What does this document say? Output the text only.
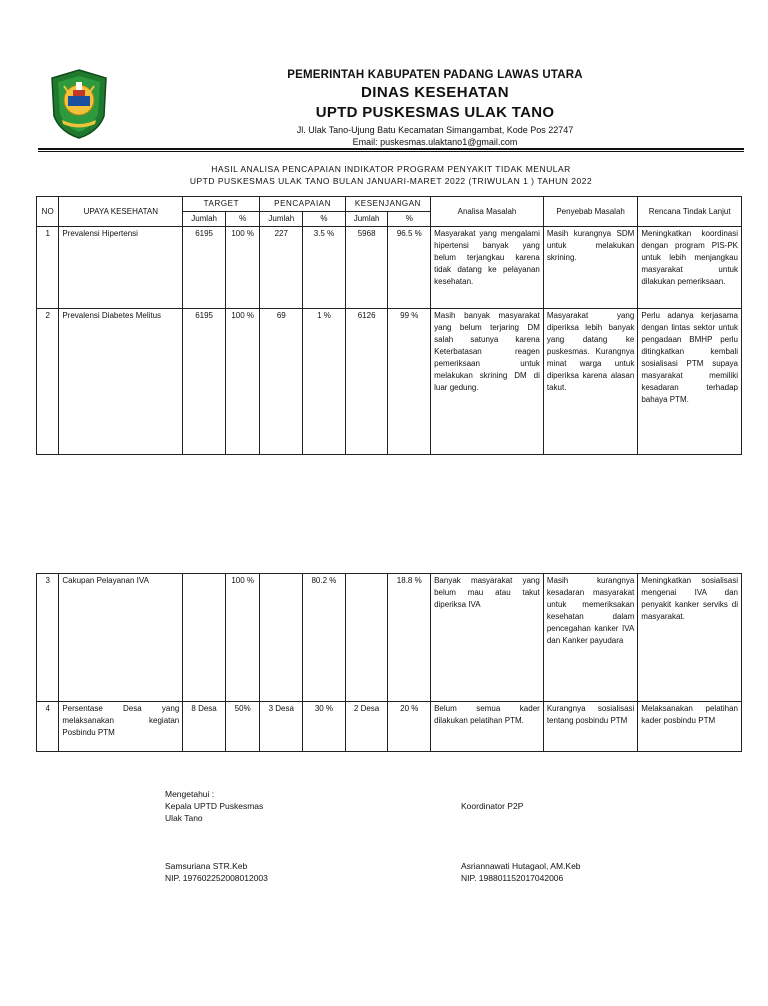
PEMERINTAH KABUPATEN PADANG LAWAS UTARA
DINAS KESEHATAN
UPTD PUSKESMAS ULAK TANO
Jl. Ulak Tano-Ujung Batu Kecamatan Simangambat, Kode Pos 22747
Email: puskesmas.ulaktano1@gmail.com
HASIL ANALISA PENCAPAIAN INDIKATOR PROGRAM PENYAKIT TIDAK MENULAR
UPTD PUSKESMAS ULAK TANO BULAN JANUARI-MARET 2022 (TRIWULAN 1 ) TAHUN 2022
NO	UPAYA KESEHATAN	TARGET		PENCAPAIAN		KESENJANGAN		Analisa Masalah	Penyebab Masalah	Rencana Tindak Lanjut
		Jumlah	%	Jumlah	%	Jumlah	%			
1	Prevalensi Hipertensi	6195	100 %	227	3.5 %	5968	96.5 %	Masyarakat yang mengalami hipertensi banyak yang belum terjangkau karena tidak datang ke pelayanan kesehatan.	Masih kurangnya SDM untuk melakukan skrining.	Meningkatkan koordinasi dengan program PIS-PK untuk lebih menjangkau masyarakat untuk dilakukan pemeriksaan.
2	Prevalensi Diabetes Melitus	6195	100 %	69	1 %	6126	99 %	Masih banyak masyarakat yang belum terjaring DM salah satunya karena Keterbatasan reagen pemeriksaan untuk melakukan skrining DM di luar gedung.	Masyarakat yang diperiksa lebih banyak yang datang ke puskesmas. Kurangnya minat warga untuk diperiksa karena alasan takut.	Perlu adanya kerjasama dengan lintas sektor untuk pengadaan BMHP perlu ditingkatkan kembali sosialisasi PTM supaya masyarakat memiliki kesadaran terhadap bahaya PTM.
3	Cakupan Pelayanan IVA		100 %		80.2 %		18.8 %	Banyak masyarakat yang belum mau atau takut diperiksa IVA	Masih kurangnya kesadaran masyarakat untuk memeriksakan kesehatan dalam pencegahan kanker IVA dan Kanker payudara	Meningkatkan sosialisasi mengenai IVA dan penyakit kanker serviks di masyarakat.
4	Persentase Desa yang melaksanakan kegiatan Posbindu PTM	8 Desa	50%	3 Desa	30 %	2 Desa	20 %	Belum semua kader dilakukan pelatihan PTM.	Kurangnya sosialisasi tentang posbindu PTM	Melaksanakan pelatihan kader posbindu PTM
Mengetahui :
Kepala UPTD Puskesmas
Ulak Tano
Samsuriana STR.Keb
NIP. 197602252008012003
Koordinator P2P
Asriannawati Hutagaol, AM.Keb
NIP. 198801152017042006
